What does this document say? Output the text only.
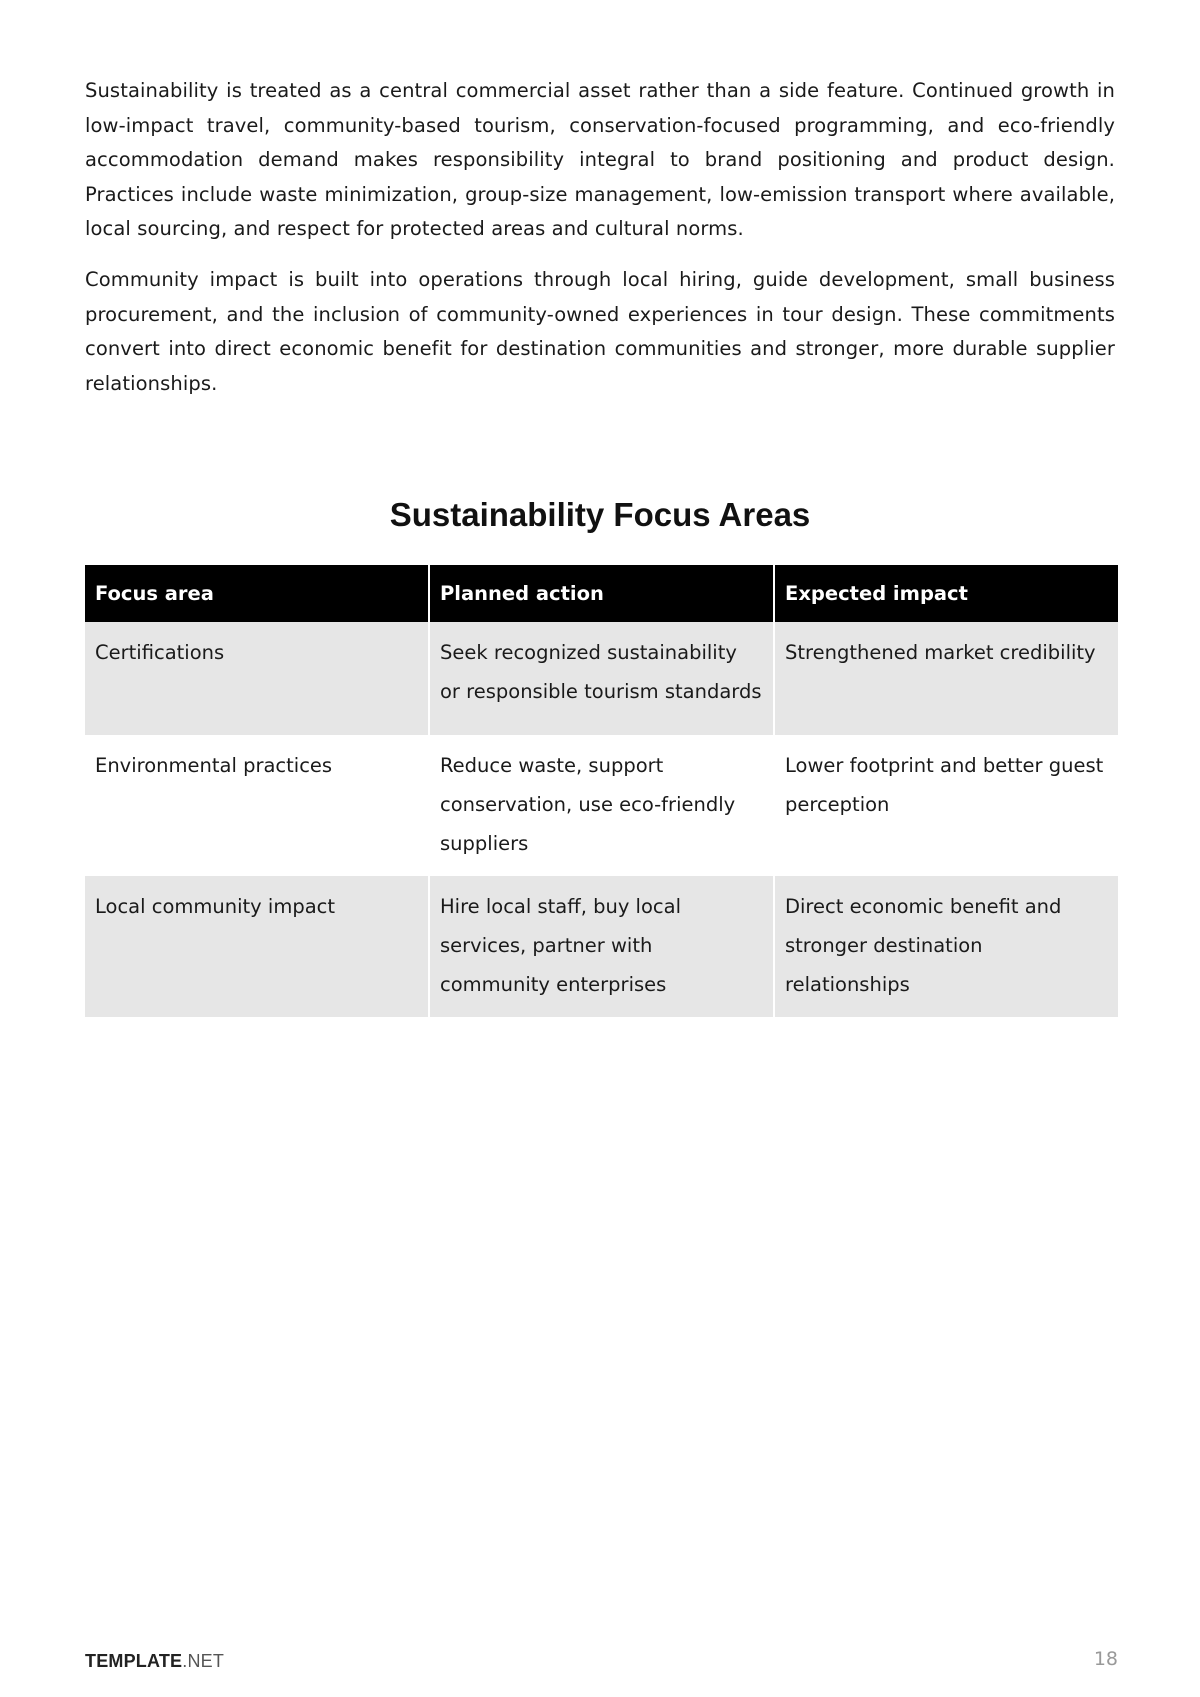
Sustainability is treated as a central commercial asset rather than a side feature. Continued growth in low-impact travel, community-based tourism, conservation-focused programming, and eco-friendly accommodation demand makes responsibility integral to brand positioning and product design. Practices include waste minimization, group-size management, low-emission transport where available, local sourcing, and respect for protected areas and cultural norms.

Community impact is built into operations through local hiring, guide development, small business procurement, and the inclusion of community-owned experiences in tour design. These commitments convert into direct economic benefit for destination communities and stronger, more durable supplier relationships.

Sustainability Focus Areas
Focus area	Planned action	Expected impact
Certifications	Seek recognized sustainability or responsible tourism standards	Strengthened market credibility
Environmental practices	Reduce waste, support conservation, use eco-friendly suppliers	Lower footprint and better guest perception
Local community impact	Hire local staff, buy local services, partner with community enterprises	Direct economic benefit and stronger destination relationships
TEMPLATE.NET	18
